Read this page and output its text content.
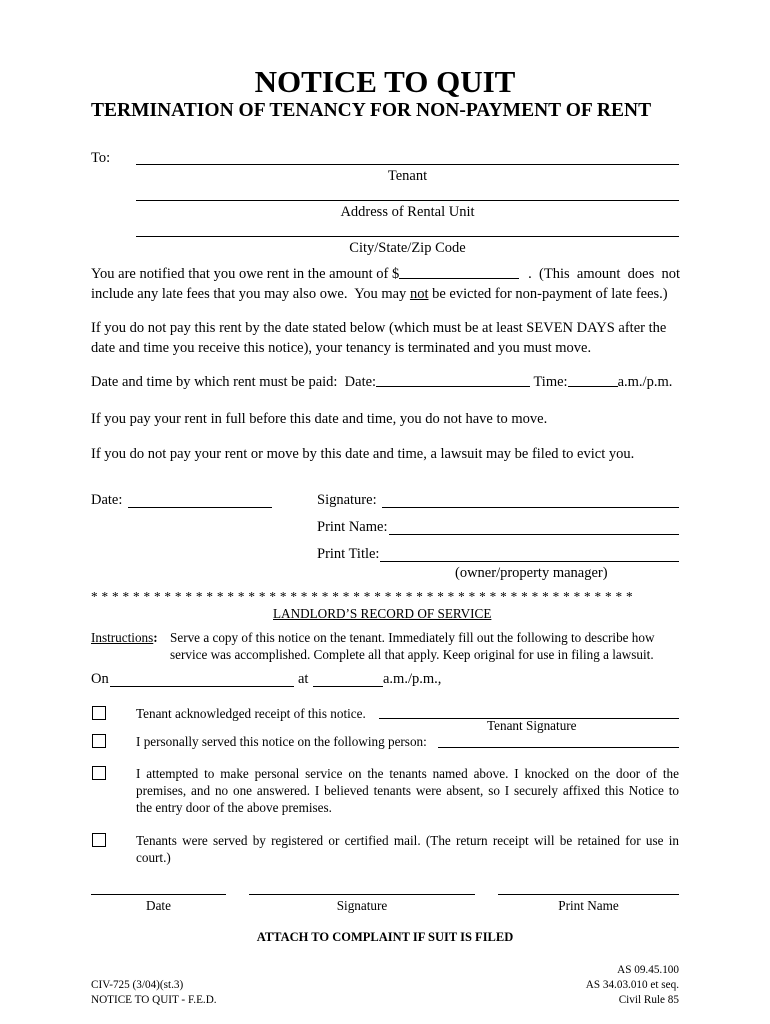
NOTICE TO QUIT
TERMINATION OF TENANCY FOR NON-PAYMENT OF RENT
To:
Tenant
Address of Rental Unit
City/State/Zip Code
You are notified that you owe rent in the amount of $	.  (This  amount  does  not
include any late fees that you may also owe.  You may not be evicted for non-payment of late fees.)
If you do not pay this rent by the date stated below (which must be at least SEVEN DAYS after the
date and time you receive this notice), your tenancy is terminated and you must move.
Date and time by which rent must be paid:  Date:	Time:	a.m./p.m.
If you pay your rent in full before this date and time, you do not have to move.
If you do not pay your rent or move by this date and time, a lawsuit may be filed to evict you.
Date:	Signature:
Print Name:
Print Title:
(owner/property manager)
* * * * * * * * * * * * * * * * * * * * * * * * * * * * * * * * * * * * * * * * * * * * * * * * * * * *
LANDLORD’S RECORD OF SERVICE
Instructions: Serve a copy of this notice on the tenant. Immediately fill out the following to describe how
service was accomplished. Complete all that apply. Keep original for use in filing a lawsuit.
On	at	a.m./p.m.,
Tenant acknowledged receipt of this notice.
Tenant Signature
I personally served this notice on the following person:
I attempted to make personal service on the tenants named above. I knocked on the door of the
premises, and no one answered. I believed tenants were absent, so I securely affixed this Notice to
the entry door of the above premises.
Tenants were served by registered or certified mail. (The return receipt will be retained for use in
court.)
Date	Signature	Print Name
ATTACH TO COMPLAINT IF SUIT IS FILED
CIV-725 (3/04)(st.3)
NOTICE TO QUIT - F.E.D.
AS 09.45.100
AS 34.03.010 et seq.
Civil Rule 85
